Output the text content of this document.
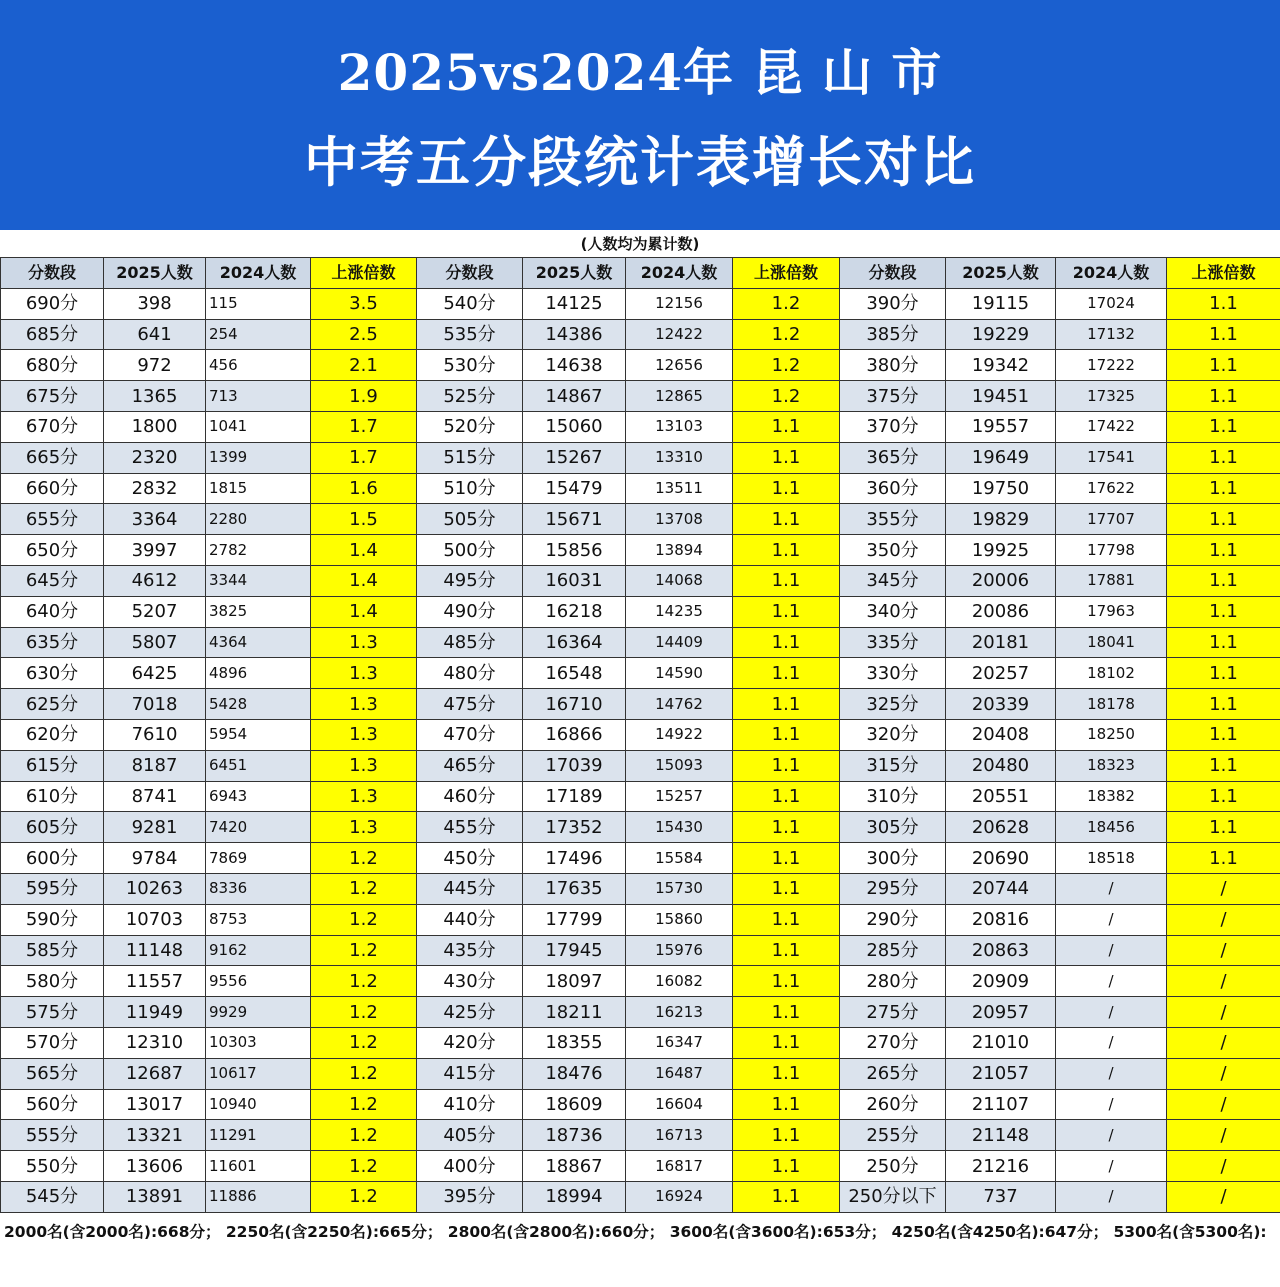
2025vs2024年 昆 山 市
中考五分段统计表增长对比
(人数均为累计数)
分数段	2025人数	2024人数	上涨倍数	分数段	2025人数	2024人数	上涨倍数	分数段	2025人数	2024人数	上涨倍数
690分	398	115	3.5	540分	14125	12156	1.2	390分	19115	17024	1.1
685分	641	254	2.5	535分	14386	12422	1.2	385分	19229	17132	1.1
680分	972	456	2.1	530分	14638	12656	1.2	380分	19342	17222	1.1
675分	1365	713	1.9	525分	14867	12865	1.2	375分	19451	17325	1.1
670分	1800	1041	1.7	520分	15060	13103	1.1	370分	19557	17422	1.1
665分	2320	1399	1.7	515分	15267	13310	1.1	365分	19649	17541	1.1
660分	2832	1815	1.6	510分	15479	13511	1.1	360分	19750	17622	1.1
655分	3364	2280	1.5	505分	15671	13708	1.1	355分	19829	17707	1.1
650分	3997	2782	1.4	500分	15856	13894	1.1	350分	19925	17798	1.1
645分	4612	3344	1.4	495分	16031	14068	1.1	345分	20006	17881	1.1
640分	5207	3825	1.4	490分	16218	14235	1.1	340分	20086	17963	1.1
635分	5807	4364	1.3	485分	16364	14409	1.1	335分	20181	18041	1.1
630分	6425	4896	1.3	480分	16548	14590	1.1	330分	20257	18102	1.1
625分	7018	5428	1.3	475分	16710	14762	1.1	325分	20339	18178	1.1
620分	7610	5954	1.3	470分	16866	14922	1.1	320分	20408	18250	1.1
615分	8187	6451	1.3	465分	17039	15093	1.1	315分	20480	18323	1.1
610分	8741	6943	1.3	460分	17189	15257	1.1	310分	20551	18382	1.1
605分	9281	7420	1.3	455分	17352	15430	1.1	305分	20628	18456	1.1
600分	9784	7869	1.2	450分	17496	15584	1.1	300分	20690	18518	1.1
595分	10263	8336	1.2	445分	17635	15730	1.1	295分	20744	/	/
590分	10703	8753	1.2	440分	17799	15860	1.1	290分	20816	/	/
585分	11148	9162	1.2	435分	17945	15976	1.1	285分	20863	/	/
580分	11557	9556	1.2	430分	18097	16082	1.1	280分	20909	/	/
575分	11949	9929	1.2	425分	18211	16213	1.1	275分	20957	/	/
570分	12310	10303	1.2	420分	18355	16347	1.1	270分	21010	/	/
565分	12687	10617	1.2	415分	18476	16487	1.1	265分	21057	/	/
560分	13017	10940	1.2	410分	18609	16604	1.1	260分	21107	/	/
555分	13321	11291	1.2	405分	18736	16713	1.1	255分	21148	/	/
550分	13606	11601	1.2	400分	18867	16817	1.1	250分	21216	/	/
545分	13891	11886	1.2	395分	18994	16924	1.1	250分以下	737	/	/
2000名(含2000名):668分； 2250名(含2250名):665分； 2800名(含2800名):660分； 3600名(含3600名):653分； 4250名(含4250名):647分； 5300名(含5300名):
